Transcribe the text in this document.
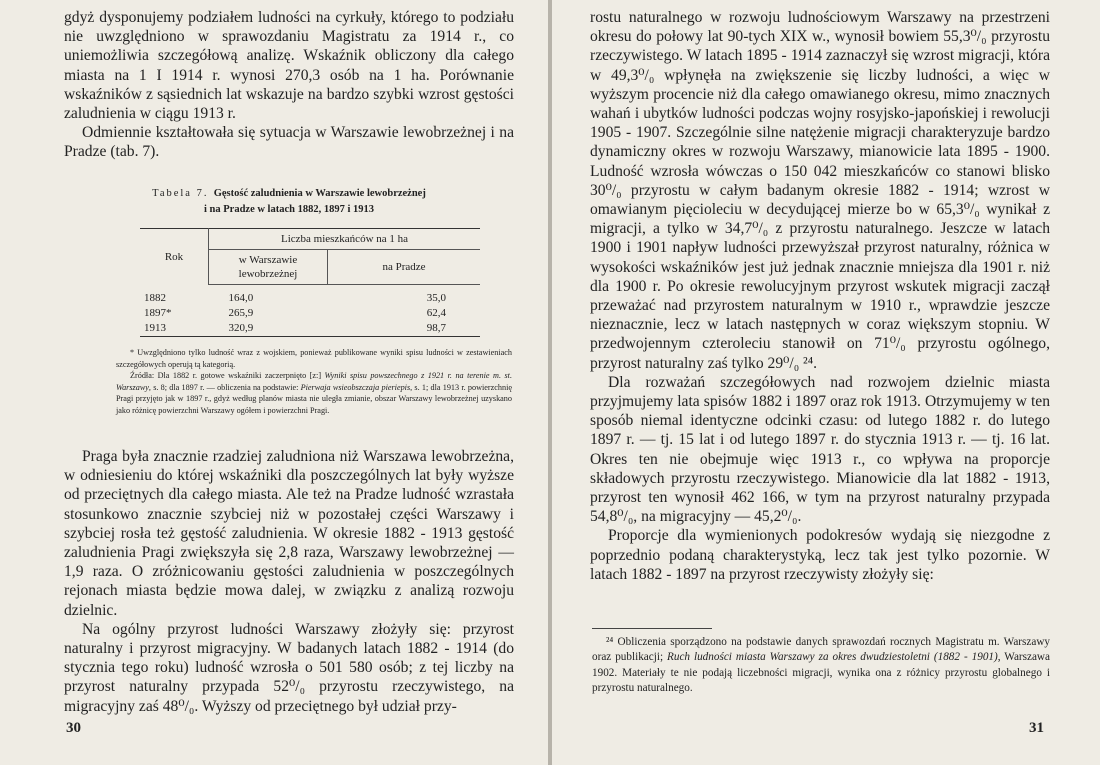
gdyż dysponujemy podziałem ludności na cyrkuły, którego to podziału nie uwzględniono w sprawozdaniu Magistratu za 1914 r., co uniemożliwia szczegółową analizę. Wskaźnik obliczony dla całego miasta na 1 I 1914 r. wynosi 270,3 osób na 1 ha. Porównanie wskaźników z sąsiednich lat wskazuje na bardzo szybki wzrost gęstości zaludnienia w ciągu 1913 r.

Odmiennie kształtowała się sytuacja w Warszawie lewobrzeżnej i na Pradze (tab. 7).

Tabela 7. Gęstość zaludnienia w Warszawie lewobrzeżnej
i na Pradze w latach 1882, 1897 i 1913
Rok	Liczba mieszkańców na 1 ha	
	w Warszawie lewobrzeżnej	na Pradze

1882	164,0	35,0
1897*	265,9	62,4
1913	320,9	98,7

* Uwzględniono tylko ludność wraz z wojskiem, ponieważ publikowane wyniki spisu ludności w zestawieniach szczegółowych operują tą kategorią.

Źródła: Dla 1882 r. gotowe wskaźniki zaczerpnięto [z:] Wyniki spisu powszechnego z 1921 r. na terenie m. st. Warszawy, s. 8; dla 1897 r. — obliczenia na podstawie: Pierwaja wsieobszczaja pieriepis, s. 1; dla 1913 r. powierzchnię Pragi przyjęto jak w 1897 r., gdyż według planów miasta nie uległa zmianie, obszar Warszawy lewobrzeżnej uzyskano jako różnicę powierzchni Warszawy ogółem i powierzchni Pragi.

Praga była znacznie rzadziej zaludniona niż Warszawa lewobrzeżna, w odniesieniu do której wskaźniki dla poszczególnych lat były wyższe od przeciętnych dla całego miasta. Ale też na Pradze ludność wzrastała stosunkowo znacznie szybciej niż w pozostałej części Warszawy i szybciej rosła też gęstość zaludnienia. W okresie 1882 - 1913 gęstość zaludnienia Pragi zwiększyła się 2,8 raza, Warszawy lewobrzeżnej — 1,9 raza. O zróżnicowaniu gęstości zaludnienia w poszczególnych rejonach miasta będzie mowa dalej, w związku z analizą rozwoju dzielnic.

Na ogólny przyrost ludności Warszawy złożyły się: przyrost naturalny i przyrost migracyjny. W badanych latach 1882 - 1914 (do stycznia tego roku) ludność wzrosła o 501 580 osób; z tej liczby na przyrost naturalny przypada 52⁰/₀ przyrostu rzeczywistego, na migracyjny zaś 48⁰/₀. Wyższy od przeciętnego był udział przy-

30

rostu naturalnego w rozwoju ludnościowym Warszawy na przestrzeni okresu do połowy lat 90-tych XIX w., wynosił bowiem 55,3⁰/₀ przyrostu rzeczywistego. W latach 1895 - 1914 zaznaczył się wzrost migracji, która w 49,3⁰/₀ wpłynęła na zwiększenie się liczby ludności, a więc w wyższym procencie niż dla całego omawianego okresu, mimo znacznych wahań i ubytków ludności podczas wojny rosyjsko-japońskiej i rewolucji 1905 - 1907. Szczególnie silne natężenie migracji charakteryzuje bardzo dynamiczny okres w rozwoju Warszawy, mianowicie lata 1895 - 1900. Ludność wzrosła wówczas o 150 042 mieszkańców co stanowi blisko 30⁰/₀ przyrostu w całym badanym okresie 1882 - 1914; wzrost w omawianym pięcioleciu w decydującej mierze bo w 65,3⁰/₀ wynikał z migracji, a tylko w 34,7⁰/₀ z przyrostu naturalnego. Jeszcze w latach 1900 i 1901 napływ ludności przewyższał przyrost naturalny, różnica w wysokości wskaźników jest już jednak znacznie mniejsza dla 1901 r. niż dla 1900 r. Po okresie rewolucyjnym przyrost wskutek migracji zaczął przeważać nad przyrostem naturalnym w 1910 r., wprawdzie jeszcze nieznacznie, lecz w latach następnych w coraz większym stopniu. W przedwojennym czteroleciu stanowił on 71⁰/₀ przyrostu ogólnego, przyrost naturalny zaś tylko 29⁰/₀ ²⁴.

Dla rozważań szczegółowych nad rozwojem dzielnic miasta przyjmujemy lata spisów 1882 i 1897 oraz rok 1913. Otrzymujemy w ten sposób niemal identyczne odcinki czasu: od lutego 1882 r. do lutego 1897 r. — tj. 15 lat i od lutego 1897 r. do stycznia 1913 r. — tj. 16 lat. Okres ten nie obejmuje więc 1913 r., co wpływa na proporcje składowych przyrostu rzeczywistego. Mianowicie dla lat 1882 - 1913, przyrost ten wynosił 462 166, w tym na przyrost naturalny przypada 54,8⁰/₀, na migracyjny — 45,2⁰/₀.

Proporcje dla wymienionych podokresów wydają się niezgodne z poprzednio podaną charakterystyką, lecz tak jest tylko pozornie. W latach 1882 - 1897 na przyrost rzeczywisty złożyły się:

²⁴ Obliczenia sporządzono na podstawie danych sprawozdań rocznych Magistratu m. Warszawy oraz publikacji; Ruch ludności miasta Warszawy za okres dwudziestoletni (1882 - 1901), Warszawa 1902. Materiały te nie podają liczebności migracji, wynika ona z różnicy przyrostu globalnego i przyrostu naturalnego.

31
